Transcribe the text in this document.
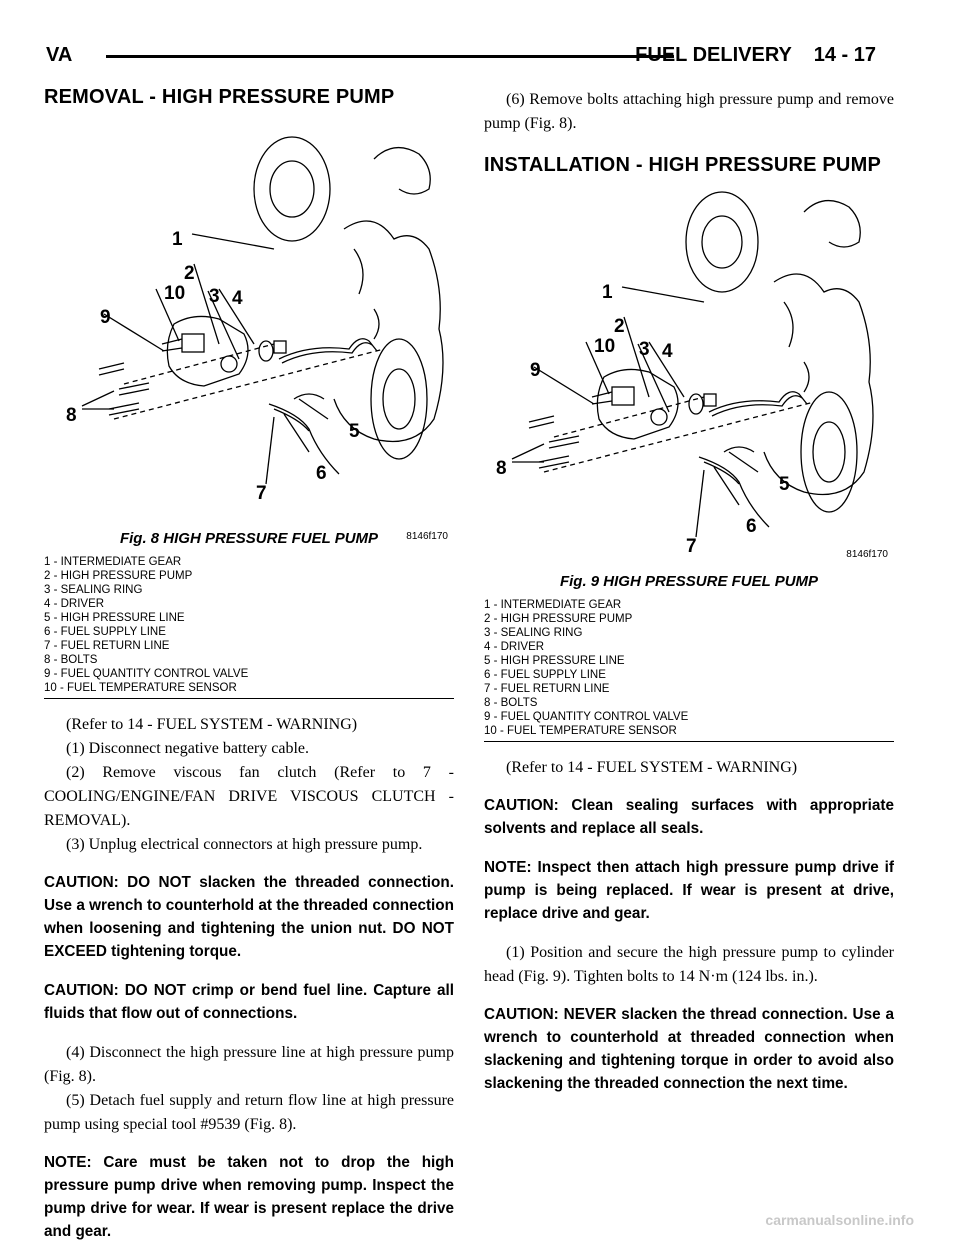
VA	FUEL DELIVERY    14 - 17
REMOVAL - HIGH PRESSURE PUMP
1
2
3 4
5
6
7
8
9
10
8146f170
Fig. 8 HIGH PRESSURE FUEL PUMP
1 - INTERMEDIATE GEAR
2 - HIGH PRESSURE PUMP
3 - SEALING RING
4 - DRIVER
5 - HIGH PRESSURE LINE
6 - FUEL SUPPLY LINE
7 - FUEL RETURN LINE
8 - BOLTS
9 - FUEL QUANTITY CONTROL VALVE
10 - FUEL TEMPERATURE SENSOR

(Refer to 14 - FUEL SYSTEM - WARNING)

(1) Disconnect negative battery cable.

(2) Remove viscous fan clutch (Refer to 7 - COOLING/ENGINE/FAN DRIVE VISCOUS CLUTCH - REMOVAL).

(3) Unplug electrical connectors at high pressure pump.

CAUTION: DO NOT slacken the threaded connection. Use a wrench to counterhold at the threaded connection when loosening and tightening the union nut. DO NOT EXCEED tightening torque.

CAUTION: DO NOT crimp or bend fuel line. Capture all fluids that flow out of connections.

(4) Disconnect the high pressure line at high pressure pump (Fig. 8).

(5) Detach fuel supply and return flow line at high pressure pump using special tool #9539 (Fig. 8).

NOTE: Care must be taken not to drop the high pressure pump drive when removing pump. Inspect the pump drive for wear. If wear is present replace the drive and gear.

(6) Remove bolts attaching high pressure pump and remove pump (Fig. 8).

INSTALLATION - HIGH PRESSURE PUMP
1
2
3 4
5
6
7
8
9
10
8146f170
Fig. 9 HIGH PRESSURE FUEL PUMP
1 - INTERMEDIATE GEAR
2 - HIGH PRESSURE PUMP
3 - SEALING RING
4 - DRIVER
5 - HIGH PRESSURE LINE
6 - FUEL SUPPLY LINE
7 - FUEL RETURN LINE
8 - BOLTS
9 - FUEL QUANTITY CONTROL VALVE
10 - FUEL TEMPERATURE SENSOR

(Refer to 14 - FUEL SYSTEM - WARNING)

CAUTION: Clean sealing surfaces with appropriate solvents and replace all seals.

NOTE: Inspect then attach high pressure pump drive if pump is being replaced. If wear is present at drive, replace drive and gear.

(1) Position and secure the high pressure pump to cylinder head (Fig. 9). Tighten bolts to 14 N·m (124 lbs. in.).

CAUTION: NEVER slacken the thread connection. Use a wrench to counterhold at threaded connection when slackening and tightening torque in order to avoid also slackening the threaded connection the next time.

carmanualsonline.info
